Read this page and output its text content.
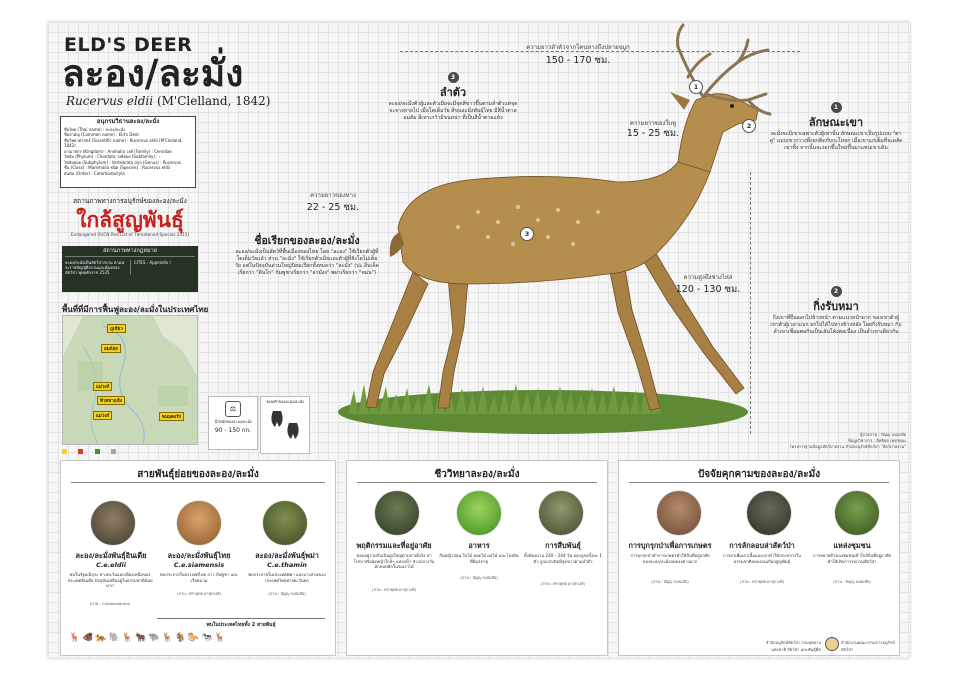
ELD'S DEER
ละอง/ละมั่ง
Rucervus eldii (M'Clelland, 1842)
อนุกรมวิธานละอง/ละมั่ง
ชื่อไทย (Thai name) : ละอง/ละมั่ง
ชื่อสามัญ (Common name) : Eld's Deer
ชื่อวิทยาศาสตร์ (Scientific name) : Rucervus eldii (M'Clelland, 1842)
อาณาจักร (Kingdom) : Animalia วงศ์ (Family) : Cervidae
ไฟลัม (Phylum) : Chordata วงศ์ย่อย (Subfamily) : -
ไฟลัมย่อย (Subphylum) : Vertebrata สกุล (Genus) : Rucervus
ชั้น (Class) : Mammalia ชนิด (Species) : Rucervus eldii
อันดับ (Order) : Cetartiodactyla
สถานภาพทางการอนุรักษ์ของละอง/ละมั่ง
ใกล้สูญพันธุ์
Endangered (IUCN Red List of Threatened Species 2015)
สถานภาพทางกฎหมาย
ละอง/ละมั่งเป็นสัตว์ป่าสงวน ตามพระราชบัญญัติสงวนและคุ้มครองสัตว์ป่า พุทธศักราช 2535
CITES : Appendix I
พื้นที่ที่มีการฟื้นฟูละอง/ละมั่งในประเทศไทย
ภูเขียว
อมก๋อย
แม่วงก์
ห้วยขาแข้ง
แม่วงก์	พนมดงรัก

1
2
3
ความยาวลำตัวจากโคนหางถึงปลายจมูก
150 - 170 ซม.
ความยาวของใบหู
15 - 25 ซม.
ความยาวของหาง
22 - 25 ซม.
ความสูงถึงช่วงไหล่
120 - 130 ซม.
1
ลักษณะเขา
ละมั่งจะมีเขาเฉพาะตัวผู้เท่านั้น ลักษณะเขาเป็นรูปแบบ "ตาคู่" แบบเขากวางที่งอกติดกับกะโหลก เมื่อเขาแก่เต็มที่จะผลัดเขาทิ้ง จากนั้นจะงอกขึ้นใหม่ขึ้นมาแทนเขาเดิม
2
กิ่งรับหมา
กิ่งเขาที่ยื่นออกไปข้างหน้า ตามแนวหน้าผาก ของเขาตัวผู้ เขาตัวผู้เวลาแบก ยกไปได้ไปทางข้างหลัง โดยกิ่งรับหมา กับลำเขาเชื่อมต่อกันเป็นเส้นโค้งต่อเนื่อง เป็นลำเขาเดียวกัน
3
ลำตัว
ละอง/ละมั่งตัวผู้และตัวเมียจะมีจุดสีขาวขึ้นตามลำตัวแต่จุดจะจางหายไป เมื่อโตเต็มวัย สีขนละมั่งพันธุ์ไทย มีสีน้ำตาลอมส้ม สีเทาเกว้ามีขนหน่า ที่เป็นสีน้ำตาลแห้ง
ชื่อเรียกของละอง/ละมั่ง
ละอง/ละมั่งเป็นสัตว์ที่พื้นเมืองของไทย โดย "ละอง" ใช้เรียกตัวผู้ที่โตเต็มวัยแล้ว ส่วน "ละมั่ง" ใช้เรียกตัวเมียและตัวผู้ที่ยังโตไม่เต็มวัย แต่ในปัจจุบันส่วนใหญ่นิยมเรียกทั้งหมดว่า "ละมั่ง" (ปะ.อีบเค็ดเรียกว่า "ตีนโก" กัมพูชาเรียกว่า "ล่ามั่งง" พม่าเรียกว่า "หม่น")
⚖
น้ำหนักของละอง/ละมั่ง
90 - 150 กก.
รอยเท้าของละอง/ละมั่ง
ผู้ถ่ายภาพ : ปัญญุ จงสมชัย
ข้อมูลวิชาการ : อิทธิพล เพชรทอง
โครงการฐานข้อมูลสัตว์ป่าสงวน สำนักอนุรักษ์สัตว์ป่า "สัตว์ป่าสงวน"
สายพันธุ์ย่อยของละอง/ละมั่ง
ละอง/ละมั่งพันธุ์อินเดีย
C.e.eldii
พบในรัฐมณีปุระ ทางตะวันออกเฉียงเหนือของประเทศอินเดีย ปัจจุบันเหลืออยู่ในธรรมชาติน้อยมาก
(ภาพ : Chidambaram)
ละอง/ละมั่งพันธุ์ไทย
C.e.siamensis
พบกระจายในประเทศไทย ลาว กัมพูชา และเวียดนาม
(ภาพ : ศรายุทธ ผาสุกวงศ์)
ละอง/ละมั่งพันธุ์พม่า
C.e.thamin
พบกระจายในประเทศพม่า และบางส่วนของประเทศไทยทางตะวันตก
(ภาพ : ปัญญุ จงสมชัย)
พบในประเทศไทยทั้ง 2 สายพันธุ์
🦌🐗🐅🐘🦌🐂🐃🦌🐐🐎🐄🦌
ชีววิทยาละอง/ละมั่ง
พฤติกรรมและที่อยู่อาศัย
ชอบอยู่รวมกันเป็นฝูงใหญ่ตามป่าเต็งรัง ป่าโปร่ง หรือทุ่งหญ้าใกล้ๆ แหล่งน้ำ ช่วงกลางวันมักหลบพักในร่มเงาไม้
(ภาพ : ศรายุทธ ผาสุกวงศ์)
อาหาร
กินหญ้าอ่อน ใบไม้ ยอดไม้ ผลไม้ และโป่งดินที่มีแร่ธาตุ
(ภาพ : ปัญญุ จงสมชัย)
การสืบพันธุ์
ตั้งท้องนาน 240 - 244 วัน ออกลูกครั้งละ 1 ตัว ลูกแรกเกิดมีจุดขาวตามลำตัว
(ภาพ : ศรายุทธ ผาสุกวงศ์)
ปัจจัยคุกคามของละอง/ละมั่ง
การบุกรุกป่าเพื่อการเกษตร
การบุกรุกป่าทำการเกษตรทำให้ถิ่นที่อยู่อาศัยของละอง/ละมั่งลดลงอย่างมาก
(ภาพ : ปัญญุ จงสมชัย)
การลักลอบล่าสัตว์ป่า
การล่าเพื่อเอาเนื้อและเขาทำให้ประชากรในธรรมชาติลดลงจนเกือบสูญพันธุ์
(ภาพ : ศรายุทธ ผาสุกวงศ์)
แหล่งชุมชน
การขยายตัวของชุมชนเข้าใกล้ถิ่นที่อยู่อาศัยทำให้เกิดการรบกวนสัตว์ป่า
(ภาพ : ปัญญุ จงสมชัย)
สำนักอนุรักษ์สัตว์ป่า กรมอุทยานแห่งชาติ สัตว์ป่า และพันธุ์พืช
สำนักงานคณะกรรมการอนุรักษ์สัตว์ป่า
